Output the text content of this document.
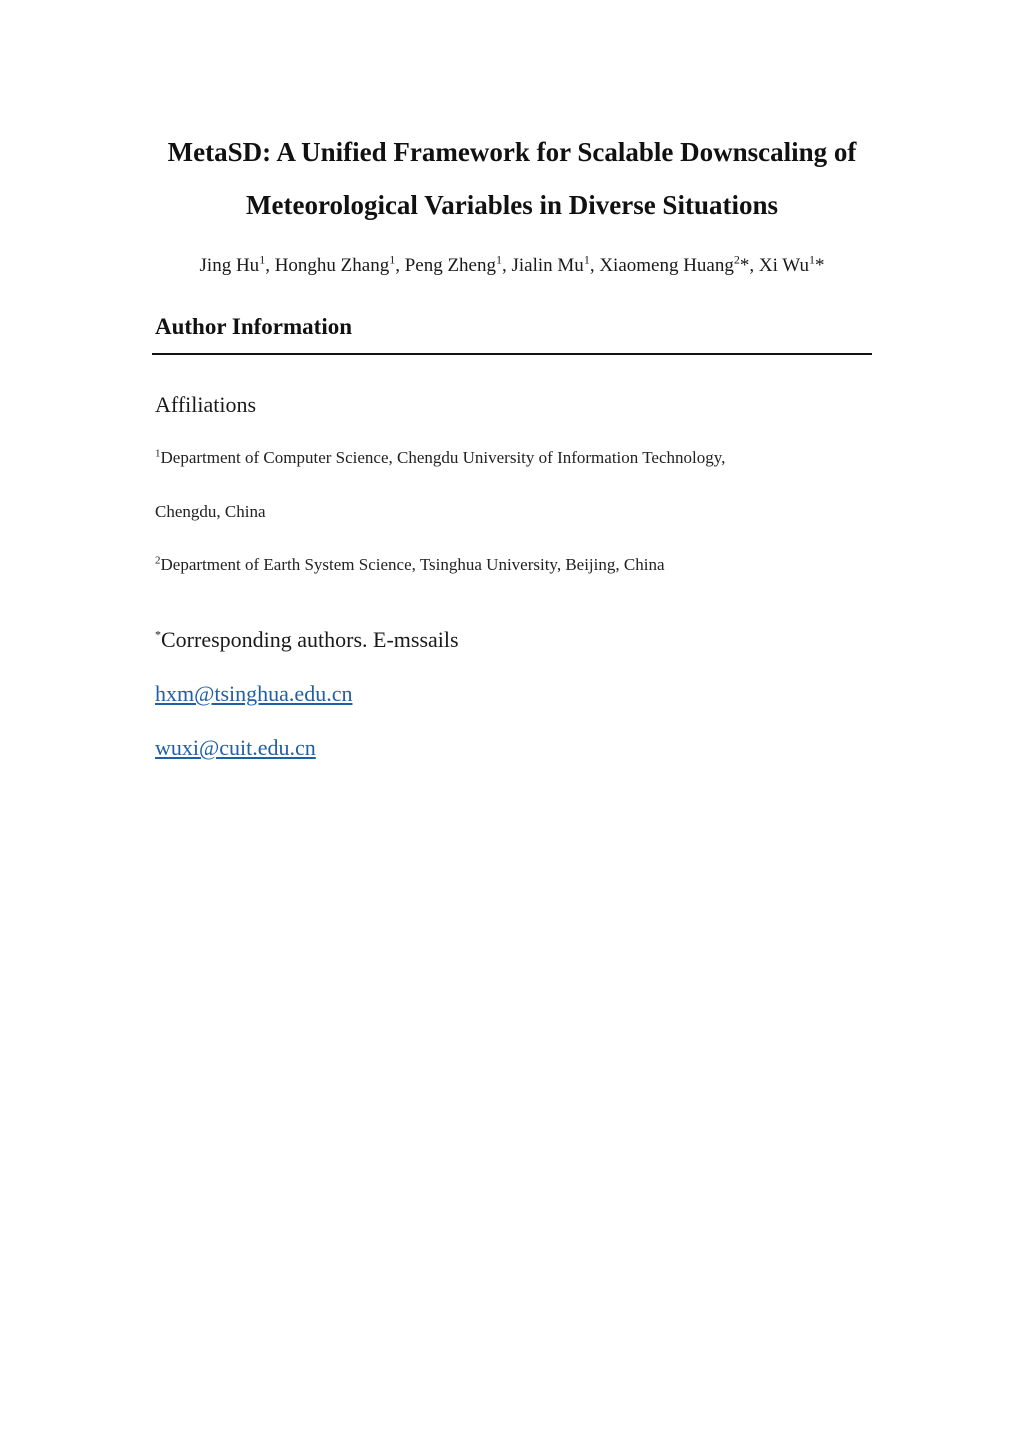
MetaSD: A Unified Framework for Scalable Downscaling of
Meteorological Variables in Diverse Situations
Jing Hu$^1$, Honghu Zhang$^1$, Peng Zheng$^1$, Jialin Mu$^1$, Xiaomeng Huang$^2$*, Xi Wu$^1$*
Author Information
Affiliations
$^1$Department of Computer Science, Chengdu University of Information Technology,
Chengdu, China
$^2$Department of Earth System Science, Tsinghua University, Beijing, China
*Corresponding authors. E-mssails
hxm@tsinghua.edu.cn
wuxi@cuit.edu.cn
